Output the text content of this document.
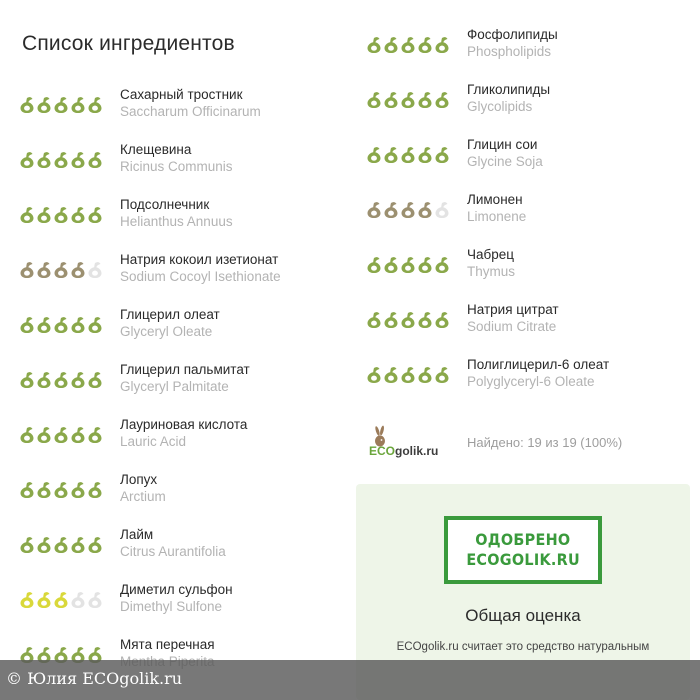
Список ингредиентов
Сахарный тростник
Saccharum Officinarum
Клещевина
Ricinus Communis
Подсолнечник
Helianthus Annuus
Натрия кокоил изетионат
Sodium Cocoyl Isethionate
Глицерил олеат
Glyceryl Oleate
Глицерил пальмитат
Glyceryl Palmitate
Лауриновая кислота
Lauric Acid
Лопух
Arctium
Лайм
Citrus Aurantifolia
Диметил сульфон
Dimethyl Sulfone
Мята перечная
Фосфолипиды
Phospholipids
Гликолипиды
Glycolipids
Глицин сои
Glycine Soja
Лимонен
Limonene
Чабрец
Thymus
Натрия цитрат
Sodium Citrate
Полиглицерил-6 олеат
Polyglyceryl-6 Oleate
ECO golik.ru
Найдено: 19 из 19 (100%)
ОДОБРЕНО
ECOGOLIK.RU
Общая оценка
ECOgolik.ru считает это средство натуральным
© Юлия ECOgolik.ru
